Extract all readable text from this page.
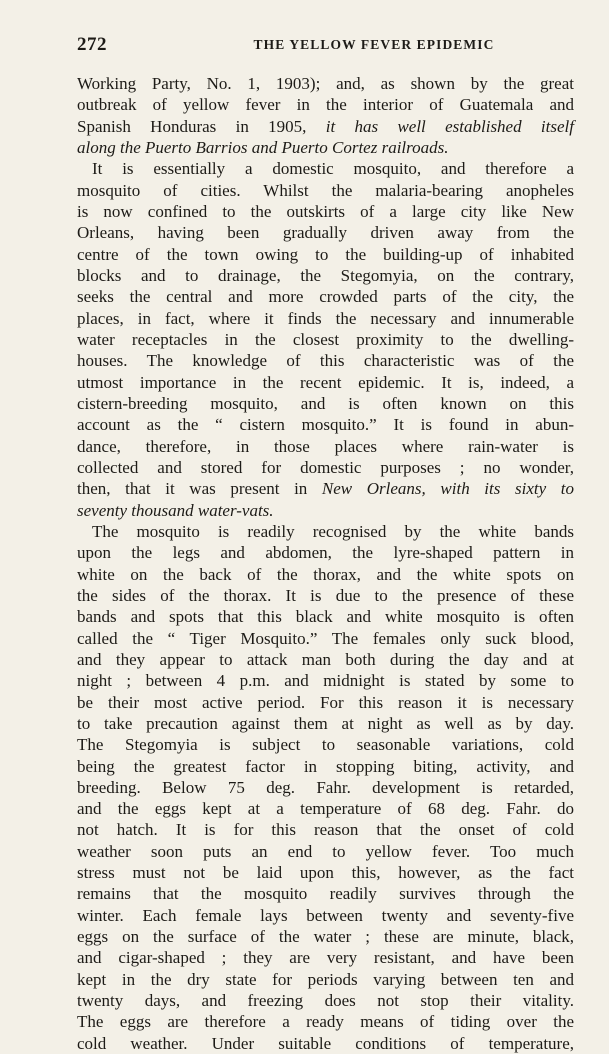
272	THE YELLOW FEVER EPIDEMIC
Working Party, No. 1, 1903); and, as shown by the great
outbreak of yellow fever in the interior of Guatemala and
Spanish Honduras in 1905, it has well established itself
along the Puerto Barrios and Puerto Cortez railroads.
It is essentially a domestic mosquito, and therefore a
mosquito of cities. Whilst the malaria-bearing anopheles
is now confined to the outskirts of a large city like New
Orleans, having been gradually driven away from the
centre of the town owing to the building-up of inhabited
blocks and to drainage, the Stegomyia, on the contrary,
seeks the central and more crowded parts of the city, the
places, in fact, where it finds the necessary and innumerable
water receptacles in the closest proximity to the dwelling-
houses. The knowledge of this characteristic was of the
utmost importance in the recent epidemic. It is, indeed, a
cistern-breeding mosquito, and is often known on this
account as the “ cistern mosquito.” It is found in abun-
dance, therefore, in those places where rain-water is
collected and stored for domestic purposes ; no wonder,
then, that it was present in New Orleans, with its sixty to
seventy thousand water-vats.
The mosquito is readily recognised by the white bands
upon the legs and abdomen, the lyre-shaped pattern in
white on the back of the thorax, and the white spots on
the sides of the thorax. It is due to the presence of these
bands and spots that this black and white mosquito is often
called the “ Tiger Mosquito.” The females only suck blood,
and they appear to attack man both during the day and at
night ; between 4 p.m. and midnight is stated by some to
be their most active period. For this reason it is necessary
to take precaution against them at night as well as by day.
The Stegomyia is subject to seasonable variations, cold
being the greatest factor in stopping biting, activity, and
breeding. Below 75 deg. Fahr. development is retarded,
and the eggs kept at a temperature of 68 deg. Fahr. do
not hatch. It is for this reason that the onset of cold
weather soon puts an end to yellow fever. Too much
stress must not be laid upon this, however, as the fact
remains that the mosquito readily survives through the
winter. Each female lays between twenty and seventy-five
eggs on the surface of the water ; these are minute, black,
and cigar-shaped ; they are very resistant, and have been
kept in the dry state for periods varying between ten and
twenty days, and freezing does not stop their vitality.
The eggs are therefore a ready means of tiding over the
cold weather. Under suitable conditions of temperature,
